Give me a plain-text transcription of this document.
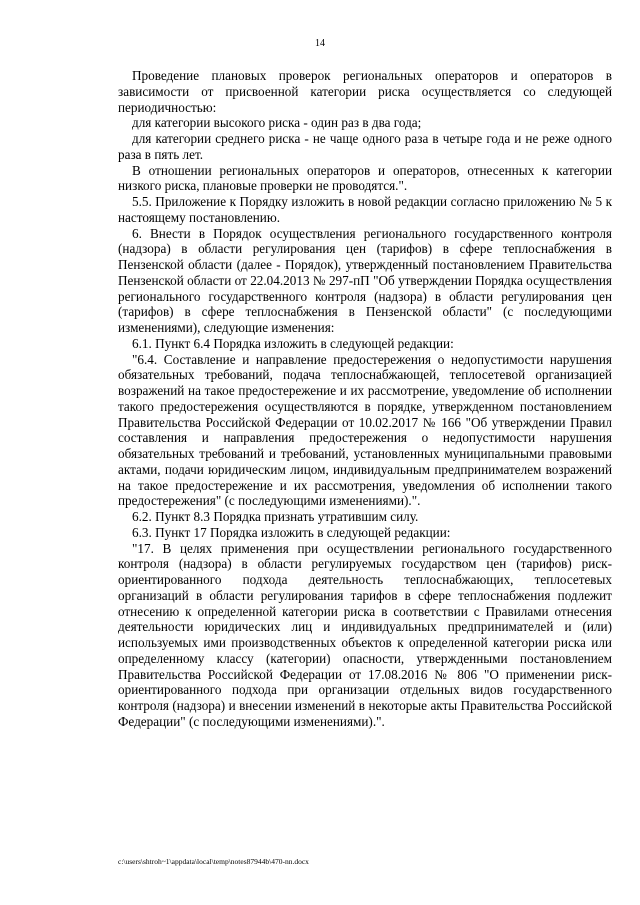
14

Проведение плановых проверок региональных операторов и операторов в зависимости от присвоенной категории риска осуществляется со следующей периодичностью:

для категории высокого риска - один раз в два года;

для категории среднего риска - не чаще одного раза в четыре года и не реже одного раза в пять лет.

В отношении региональных операторов и операторов, отнесенных к категории низкого риска, плановые проверки не проводятся.".

5.5. Приложение к Порядку изложить в новой редакции согласно приложению № 5 к настоящему постановлению.

6. Внести в Порядок осуществления регионального государственного контроля (надзора) в области регулирования цен (тарифов) в сфере теплоснабжения в Пензенской области (далее - Порядок), утвержденный постановлением Правительства Пензенской области от 22.04.2013 № 297-пП "Об утверждении Порядка осуществления регионального государственного контроля (надзора) в области регулирования цен (тарифов) в сфере теплоснабжения в Пензенской области" (с последующими изменениями), следующие изменения:

6.1. Пункт 6.4 Порядка изложить в следующей редакции:

"6.4. Составление и направление предостережения о недопустимости нарушения обязательных требований, подача теплоснабжающей, теплосетевой организацией возражений на такое предостережение и их рассмотрение, уведомление об исполнении такого предостережения осуществляются в порядке, утвержденном постановлением Правительства Российской Федерации от 10.02.2017 № 166 "Об утверждении Правил составления и направления предостережения о недопустимости нарушения обязательных требований и требований, установленных муниципальными правовыми актами, подачи юридическим лицом, индивидуальным предпринимателем возражений на такое предостережение и их рассмотрения, уведомления об исполнении такого предостережения" (с последующими изменениями).".

6.2. Пункт 8.3 Порядка признать утратившим силу.

6.3. Пункт 17 Порядка изложить в следующей редакции:

"17. В целях применения при осуществлении регионального государственного контроля (надзора) в области регулируемых государством цен (тарифов) риск-ориентированного подхода деятельность теплоснабжающих, теплосетевых организаций в области регулирования тарифов в сфере теплоснабжения подлежит отнесению к определенной категории риска в соответствии с Правилами отнесения деятельности юридических лиц и индивидуальных предпринимателей и (или) используемых ими производственных объектов к определенной категории риска или определенному классу (категории) опасности, утвержденными постановлением Правительства Российской Федерации от 17.08.2016 № 806 "О применении риск-ориентированного подхода при организации отдельных видов государственного контроля (надзора) и внесении изменений в некоторые акты Правительства Российской Федерации" (с последующими изменениями).".

c:\users\shtroh~1\appdata\local\temp\notes87944b\470-nn.docx
